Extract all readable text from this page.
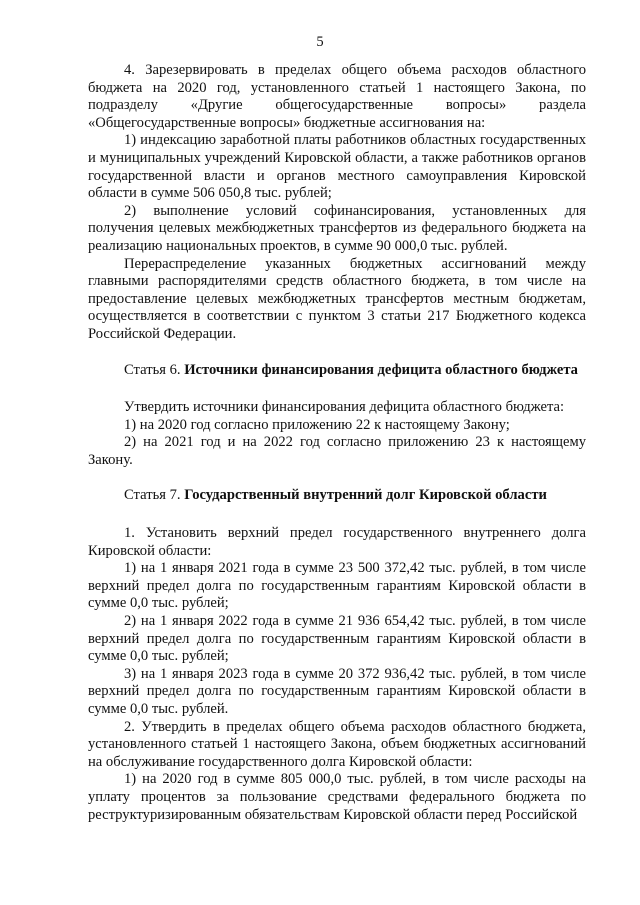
5

4. Зарезервировать в пределах общего объема расходов областного бюджета на 2020 год, установленного статьей 1 настоящего Закона, по подразделу «Другие общегосударственные вопросы» раздела «Общегосударственные вопросы» бюджетные ассигнования на:

1) индексацию заработной платы работников областных государственных и муниципальных учреждений Кировской области, а также работников органов государственной власти и органов местного самоуправления Кировской области в сумме 506 050,8 тыс. рублей;

2) выполнение условий софинансирования, установленных для получения целевых межбюджетных трансфертов из федерального бюджета на реализацию национальных проектов, в сумме 90 000,0 тыс. рублей.

Перераспределение указанных бюджетных ассигнований между главными распорядителями средств областного бюджета, в том числе на предоставление целевых межбюджетных трансфертов местным бюджетам, осуществляется в соответствии с пунктом 3 статьи 217 Бюджетного кодекса Российской Федерации.

Статья 6. Источники финансирования дефицита областного бюджета

Утвердить источники финансирования дефицита областного бюджета:

1) на 2020 год согласно приложению 22 к настоящему Закону;

2) на 2021 год и на 2022 год согласно приложению 23 к настоящему Закону.

Статья 7. Государственный внутренний долг Кировской области

1. Установить верхний предел государственного внутреннего долга Кировской области:

1) на 1 января 2021 года в сумме 23 500 372,42 тыс. рублей, в том числе верхний предел долга по государственным гарантиям Кировской области в сумме 0,0 тыс. рублей;

2) на 1 января 2022 года в сумме 21 936 654,42 тыс. рублей, в том числе верхний предел долга по государственным гарантиям Кировской области в сумме 0,0 тыс. рублей;

3) на 1 января 2023 года в сумме 20 372 936,42 тыс. рублей, в том числе верхний предел долга по государственным гарантиям Кировской области в сумме 0,0 тыс. рублей.

2. Утвердить в пределах общего объема расходов областного бюджета, установленного статьей 1 настоящего Закона, объем бюджетных ассигнований на обслуживание государственного долга Кировской области:

1) на 2020 год в сумме 805 000,0 тыс. рублей, в том числе расходы на уплату процентов за пользование средствами федерального бюджета по реструктуризированным обязательствам Кировской области перед Российской
